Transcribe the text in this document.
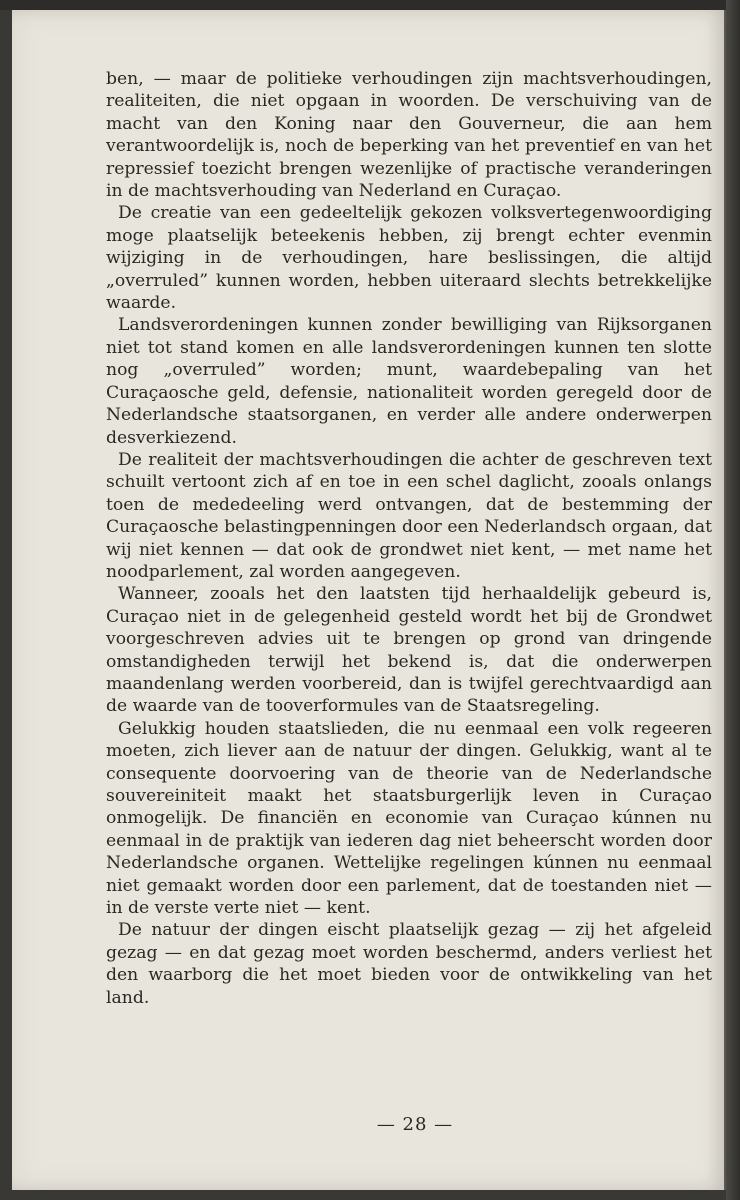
ben, — maar de politieke verhoudingen zijn machtsverhoudingen, realiteiten, die niet opgaan in woorden. De verschuiving van de macht van den Koning naar den Gouverneur, die aan hem verantwoordelijk is, noch de beperking van het preventief en van het repressief toezicht brengen wezenlijke of practische veranderingen in de machtsverhouding van Nederland en Curaçao.

De creatie van een gedeeltelijk gekozen volksvertegenwoordiging moge plaatselijk beteekenis hebben, zij brengt echter evenmin wijziging in de verhoudingen, hare beslissingen, die altijd „overruled” kunnen worden, hebben uiteraard slechts betrekkelijke waarde.

Landsverordeningen kunnen zonder bewilliging van Rijksorganen niet tot stand komen en alle landsverordeningen kunnen ten slotte nog „overruled” worden; munt, waardebepaling van het Curaçaosche geld, defensie, nationaliteit worden geregeld door de Nederlandsche staatsorganen, en verder alle andere onderwerpen desverkiezend.

De realiteit der machtsverhoudingen die achter de geschreven text schuilt vertoont zich af en toe in een schel daglicht, zooals onlangs toen de mededeeling werd ontvangen, dat de bestemming der Curaçaosche belastingpenningen door een Nederlandsch orgaan, dat wij niet kennen — dat ook de grondwet niet kent, — met name het noodparlement, zal worden aangegeven.

Wanneer, zooals het den laatsten tijd herhaaldelijk gebeurd is, Curaçao niet in de gelegenheid gesteld wordt het bij de Grondwet voorgeschreven advies uit te brengen op grond van dringende omstandigheden terwijl het bekend is, dat die onderwerpen maandenlang werden voorbereid, dan is twijfel gerechtvaardigd aan de waarde van de tooverformules van de Staatsregeling.

Gelukkig houden staatslieden, die nu eenmaal een volk regeeren moeten, zich liever aan de natuur der dingen. Gelukkig, want al te consequente doorvoering van de theorie van de Nederlandsche souvereiniteit maakt het staatsburgerlijk leven in Curaçao onmogelijk. De financiën en economie van Curaçao kúnnen nu eenmaal in de praktijk van iederen dag niet beheerscht worden door Nederlandsche organen. Wettelijke regelingen kúnnen nu eenmaal niet gemaakt worden door een parlement, dat de toestanden niet — in de verste verte niet — kent.

De natuur der dingen eischt plaatselijk gezag — zij het afgeleid gezag — en dat gezag moet worden beschermd, anders verliest het den waarborg die het moet bieden voor de ontwikkeling van het land.

— 28 —
